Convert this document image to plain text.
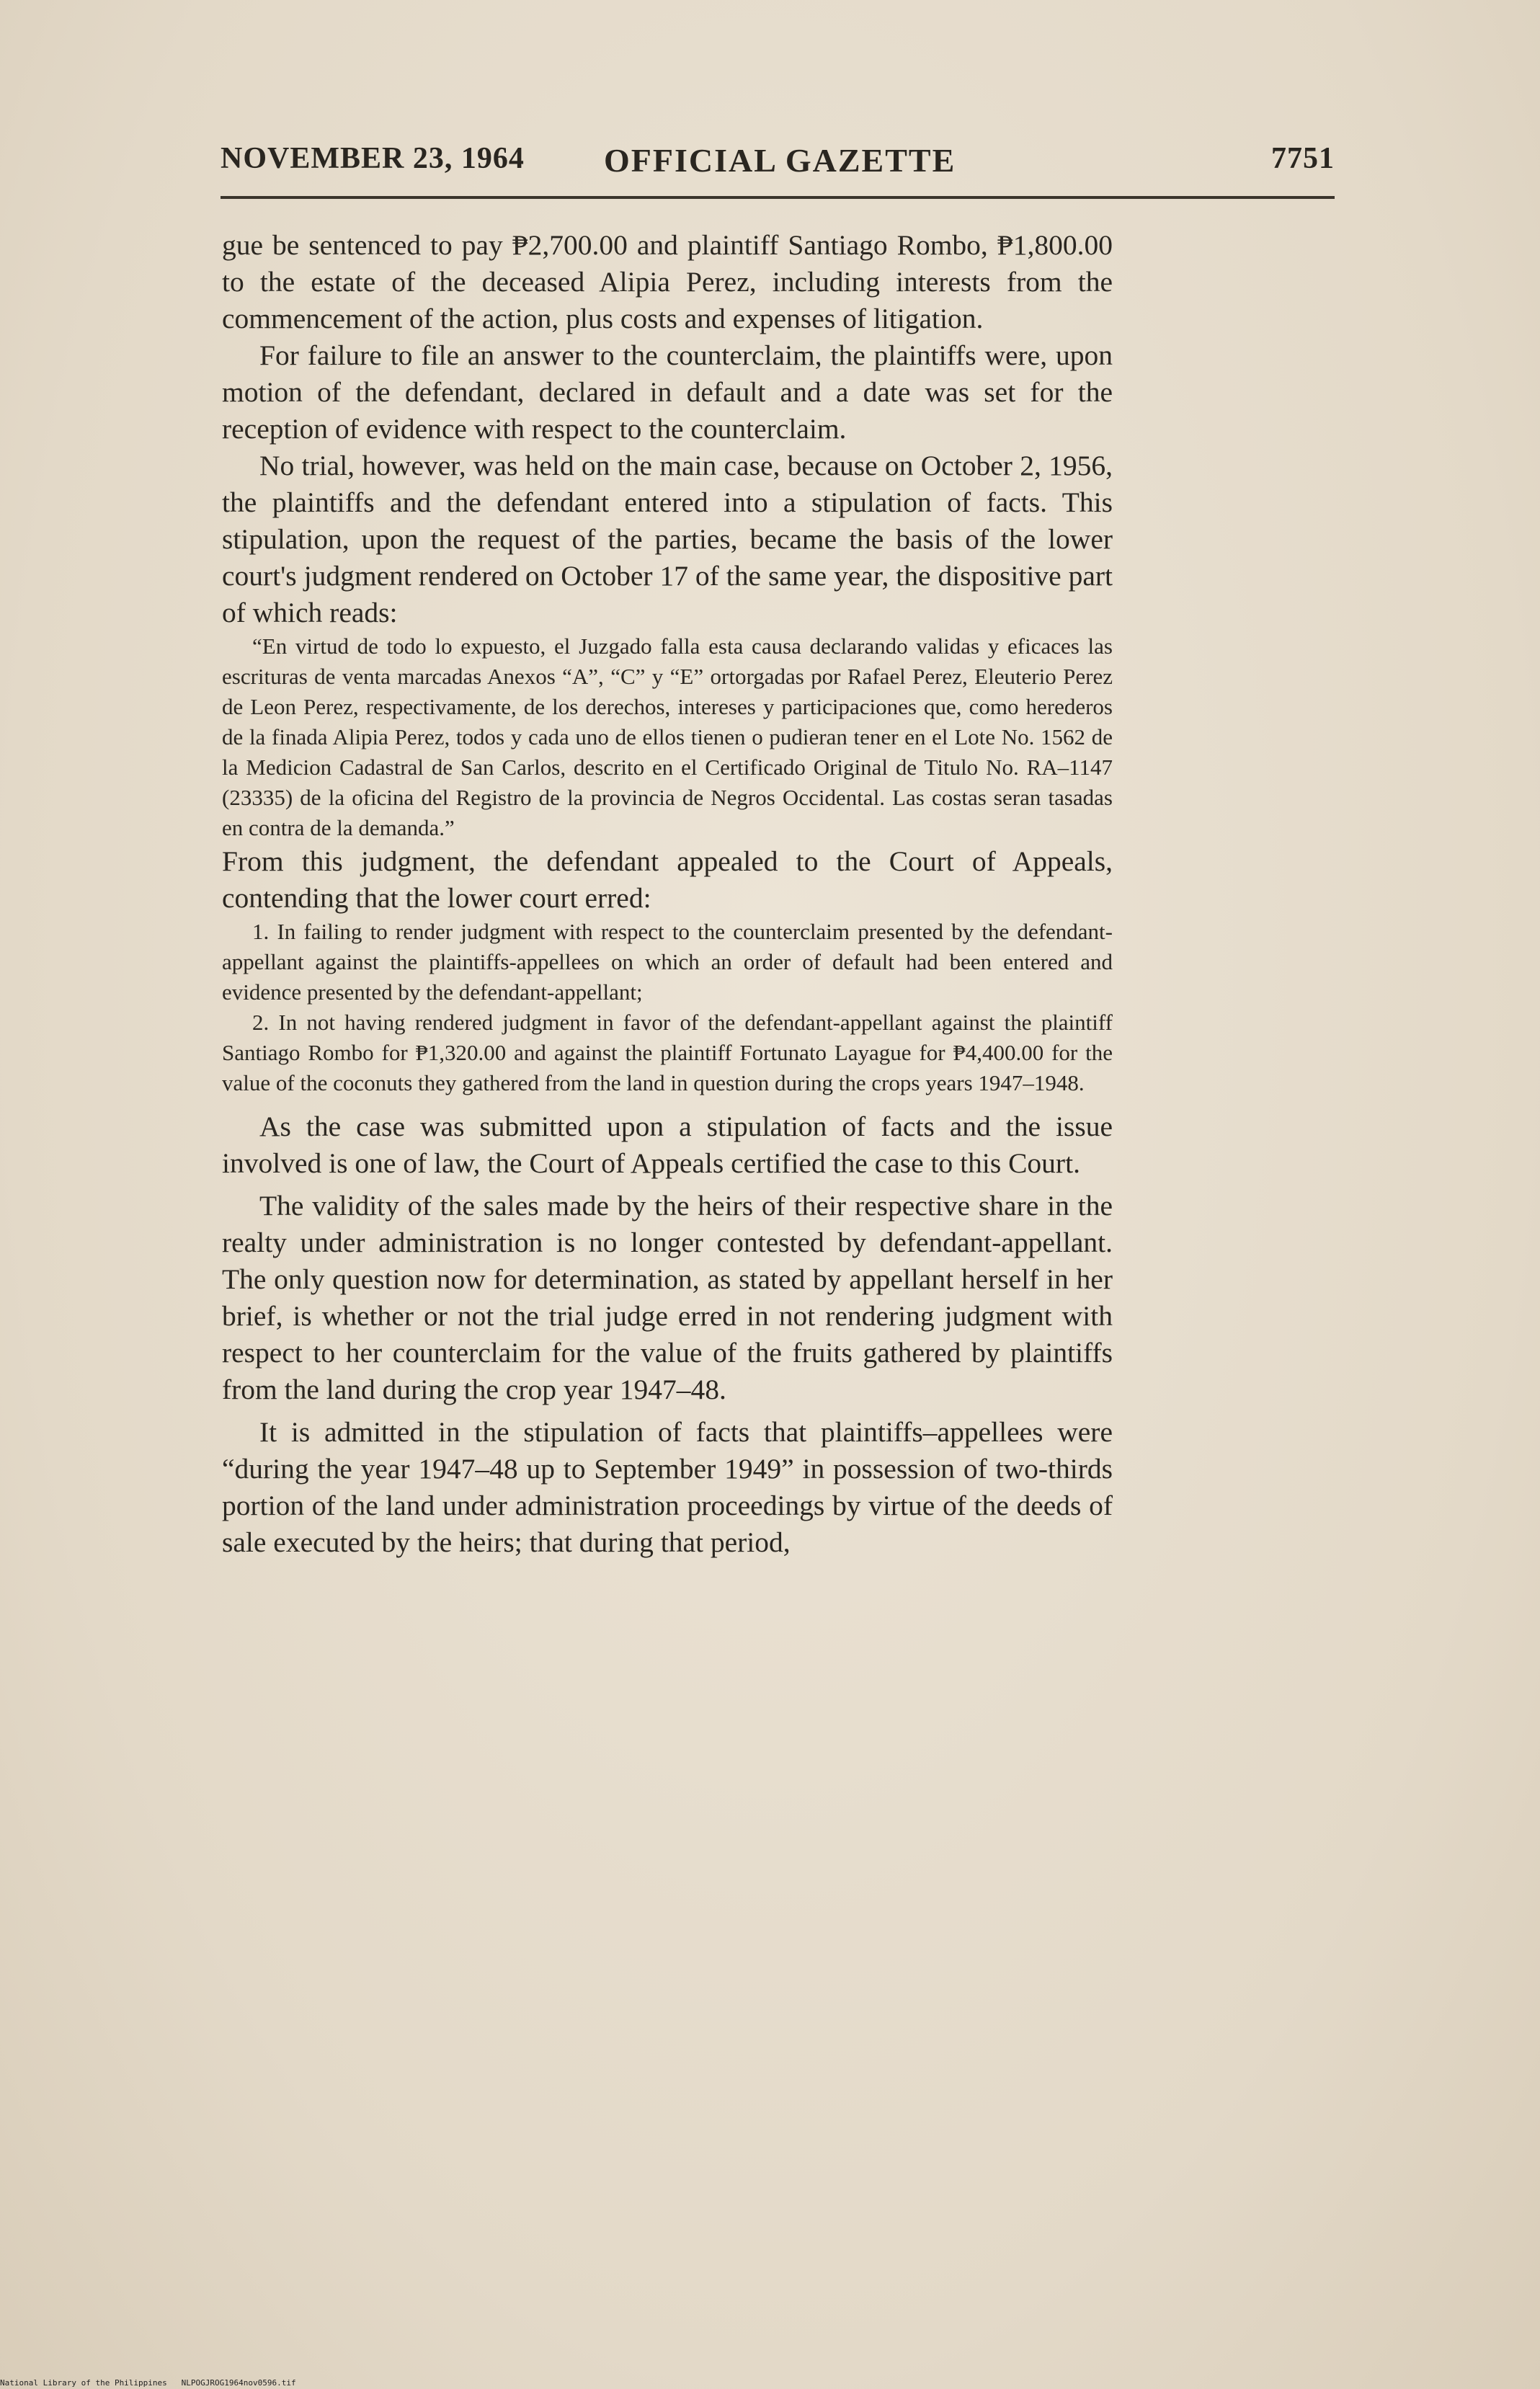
NOVEMBER 23, 1964 OFFICIAL GAZETTE	7751

gue be sentenced to pay ₱2,700.00 and plaintiff Santiago Rombo, ₱1,800.00 to the estate of the deceased Alipia Perez, including interests from the commencement of the action, plus costs and expenses of litigation.

For failure to file an answer to the counterclaim, the plaintiffs were, upon motion of the defendant, declared in default and a date was set for the reception of evidence with respect to the counterclaim.

No trial, however, was held on the main case, because on October 2, 1956, the plaintiffs and the defendant entered into a stipulation of facts. This stipulation, upon the request of the parties, became the basis of the lower court's judgment rendered on October 17 of the same year, the dispositive part of which reads:

“En virtud de todo lo expuesto, el Juzgado falla esta causa declarando validas y eficaces las escrituras de venta marcadas Anexos “A”, “C” y “E” ortorgadas por Rafael Perez, Eleuterio Perez de Leon Perez, respectivamente, de los derechos, intereses y participaciones que, como herederos de la finada Alipia Perez, todos y cada uno de ellos tienen o pudieran tener en el Lote No. 1562 de la Medicion Cadastral de San Carlos, descrito en el Certificado Original de Titulo No. RA–1147 (23335) de la oficina del Registro de la provincia de Negros Occidental. Las costas seran tasadas en contra de la demanda.”

From this judgment, the defendant appealed to the Court of Appeals, contending that the lower court erred:

1. In failing to render judgment with respect to the counterclaim presented by the defendant-appellant against the plaintiffs-appellees on which an order of default had been entered and evidence presented by the defendant-appellant;

2. In not having rendered judgment in favor of the defendant-appellant against the plaintiff Santiago Rombo for ₱1,320.00 and against the plaintiff Fortunato Layague for ₱4,400.00 for the value of the coconuts they gathered from the land in question during the crops years 1947–1948.

As the case was submitted upon a stipulation of facts and the issue involved is one of law, the Court of Appeals certified the case to this Court.

The validity of the sales made by the heirs of their respective share in the realty under administration is no longer contested by defendant-appellant. The only question now for determination, as stated by appellant herself in her brief, is whether or not the trial judge erred in not rendering judgment with respect to her counterclaim for the value of the fruits gathered by plaintiffs from the land during the crop year 1947–48.

It is admitted in the stipulation of facts that plaintiffs–appellees were “during the year 1947–48 up to September 1949” in possession of two-thirds portion of the land under administration proceedings by virtue of the deeds of sale executed by the heirs; that during that period,

National Library of the Philippines NLPOGJROG1964nov0596.tif
